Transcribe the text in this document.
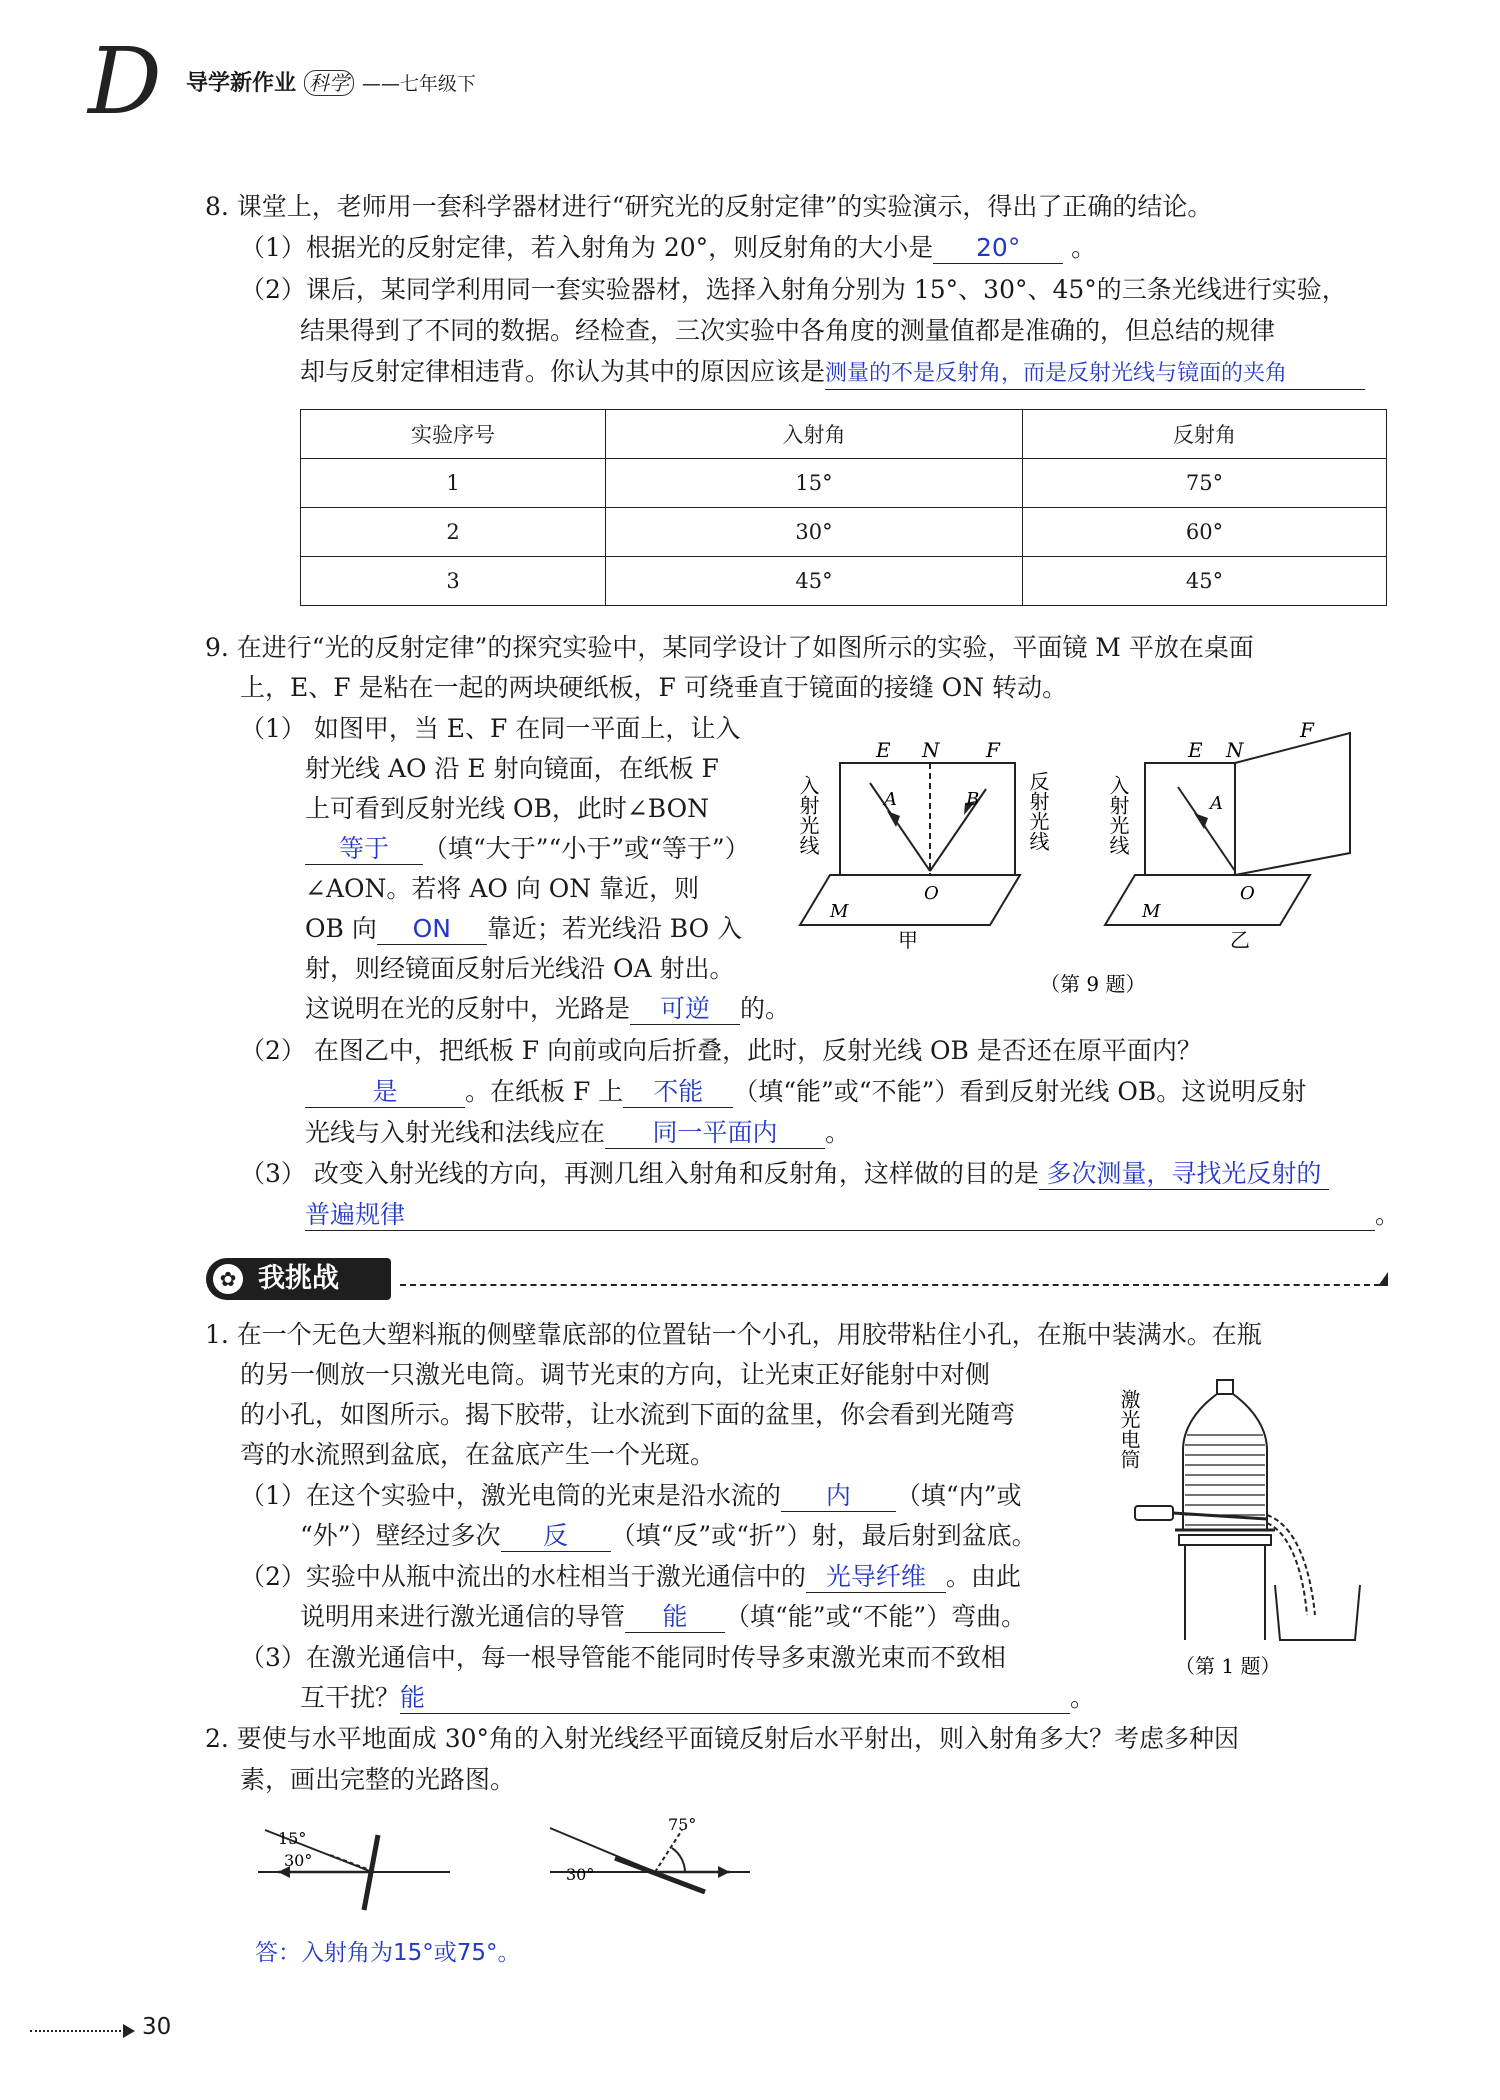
D 导学新作业 科学 ——七年级下
8. 课堂上，老师用一套科学器材进行“研究光的反射定律”的实验演示，得出了正确的结论。
（1）根据光的反射定律，若入射角为 20°，则反射角的大小是 20° 。
（2）课后，某同学利用同一套实验器材，选择入射角分别为 15°、30°、45°的三条光线进行实验，
结果得到了不同的数据。经检查，三次实验中各角度的测量值都是准确的，但总结的规律
却与反射定律相违背。你认为其中的原因应该是测量的不是反射角，而是反射光线与镜面的夹角
实验序号	入射角	反射角
1	15°	75°
2	30°	60°
3	45°	45°
9. 在进行“光的反射定律”的探究实验中，某同学设计了如图所示的实验，平面镜 M 平放在桌面
上，E、F 是粘在一起的两块硬纸板，F 可绕垂直于镜面的接缝 ON 转动。
（1） 如图甲，当 E、F 在同一平面上，让入
射光线 AO 沿 E 射向镜面，在纸板 F
上可看到反射光线 OB，此时∠BON
等于 （填“大于”“小于”或“等于”）
∠AON。若将 AO 向 ON 靠近，则
OB 向 ON 靠近；若光线沿 BO 入
射，则经镜面反射后光线沿 OA 射出。
这说明在光的反射中，光路是 可逆 的。
E N F
A	B
O
M
入射光线	反射光线
甲
E N
F
A
O
M
入射光线
乙
（第 9 题）
（2） 在图乙中，把纸板 F 向前或向后折叠，此时，反射光线 OB 是否还在原平面内？
是	。在纸板 F 上 不能 （填“能”或“不能”）看到反射光线 OB。这说明反射
光线与入射光线和法线应在 同一平面内 。
（3） 改变入射光线的方向，再测几组入射角和反射角，这样做的目的是 多次测量，寻找光反射的
普遍规律	。
✿ 我挑战
1. 在一个无色大塑料瓶的侧壁靠底部的位置钻一个小孔，用胶带粘住小孔，在瓶中装满水。在瓶
的另一侧放一只激光电筒。调节光束的方向，让光束正好能射中对侧
的小孔，如图所示。揭下胶带，让水流到下面的盆里，你会看到光随弯
弯的水流照到盆底，在盆底产生一个光斑。
（1）在这个实验中，激光电筒的光束是沿水流的 内 （填“内”或
“外”）壁经过多次 反 （填“反”或“折”）射，最后射到盆底。
（2）实验中从瓶中流出的水柱相当于激光通信中的 光导纤维 。由此
说明用来进行激光通信的导管 能 （填“能”或“不能”）弯曲。
（3）在激光通信中，每一根导管能不能同时传导多束激光束而不致相
互干扰？能	。
激光电筒
（第 1 题）
2. 要使与水平地面成 30°角的入射光线经平面镜反射后水平射出，则入射角多大？考虑多种因
素，画出完整的光路图。
15°
30°
75°
30°
答：入射角为15°或75°。
30
